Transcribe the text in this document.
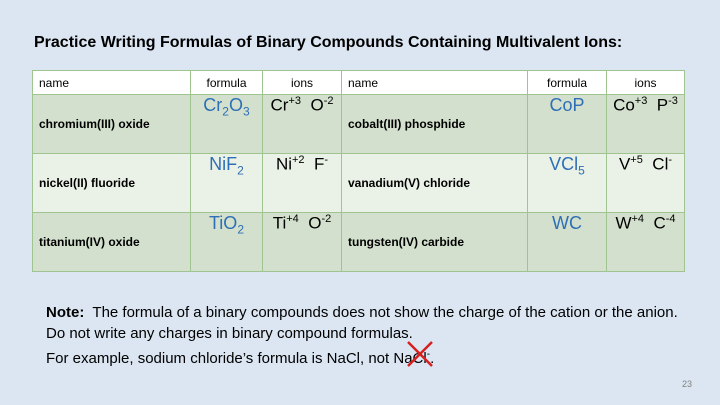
Practice Writing Formulas of Binary Compounds Containing Multivalent Ions:
name	formula	ions	name	formula	ions
chromium(III) oxide	$Cr_2O_3$	$Cr^{+3}$ $O^{-2}$	cobalt(III) phosphide	CoP	$Co^{+3}$ $P^{-3}$
nickel(II) fluoride	NiF$_2$	$Ni^{+2}$ F-	vanadium(V) chloride	VCl$_5$	$V^{+5}$ Cl-
titanium(IV) oxide	TiO$_2$	$Ti^{+4}$ $O^{-2}$	tungsten(IV) carbide	WC	$W^{+4}$ $C^{-4}$
Note: The formula of a binary compounds does not show the charge of the cation or the anion. Do not write any charges in binary compound formulas.
For example, sodium chloride’s formula is NaCl, not NaCl-
.
23
